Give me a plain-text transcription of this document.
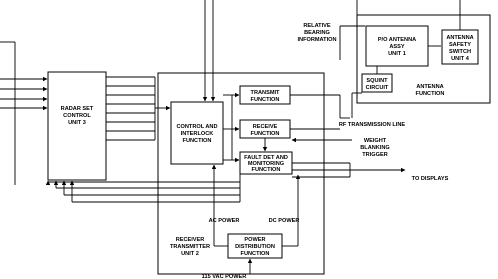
RADAR SET
CONTROL
UNIT 3
CONTROL AND
INTERLOCK
FUNCTION
TRANSMIT
FUNCTION
RECEIVE
FUNCTION
FAULT DET AND
MONITORING
FUNCTION
POWER
DISTRIBUTION
FUNCTION
RECEIVER
TRANSMITTER
UNIT 2
P/O ANTENNA
ASSY
UNIT 1
ANTENNA
SAFETY
SWITCH
UNIT 4
SQUINT
CIRCUIT	ANTENNA
FUNCTION
RELATIVE
BEARING
INFORMATION
WEIGHT
BLANKING
TRIGGER
RF TRANSMISSION LINE
TO DISPLAYS
AC POWER	DC POWER
115 VAC POWER
